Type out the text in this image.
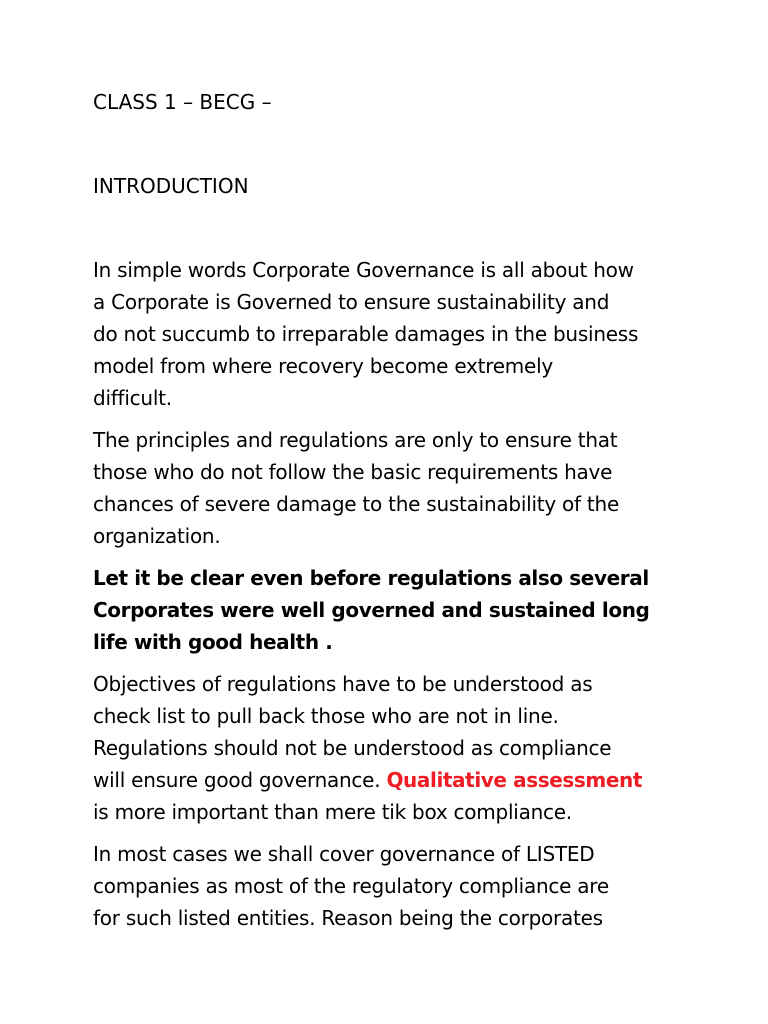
CLASS 1 – BECG –

INTRODUCTION

In simple words Corporate Governance is all about how
a Corporate is Governed to ensure sustainability and
do not succumb to irreparable damages in the business
model from where recovery become extremely
difficult.

The principles and regulations are only to ensure that
those who do not follow the basic requirements have
chances of severe damage to the sustainability of the
organization.

Let it be clear even before regulations also several
Corporates were well governed and sustained long
life with good health .

Objectives of regulations have to be understood as
check list to pull back those who are not in line.
Regulations should not be understood as compliance
will ensure good governance. Qualitative assessment
is more important than mere tik box compliance.

In most cases we shall cover governance of LISTED
companies as most of the regulatory compliance are
for such listed entities. Reason being the corporates
